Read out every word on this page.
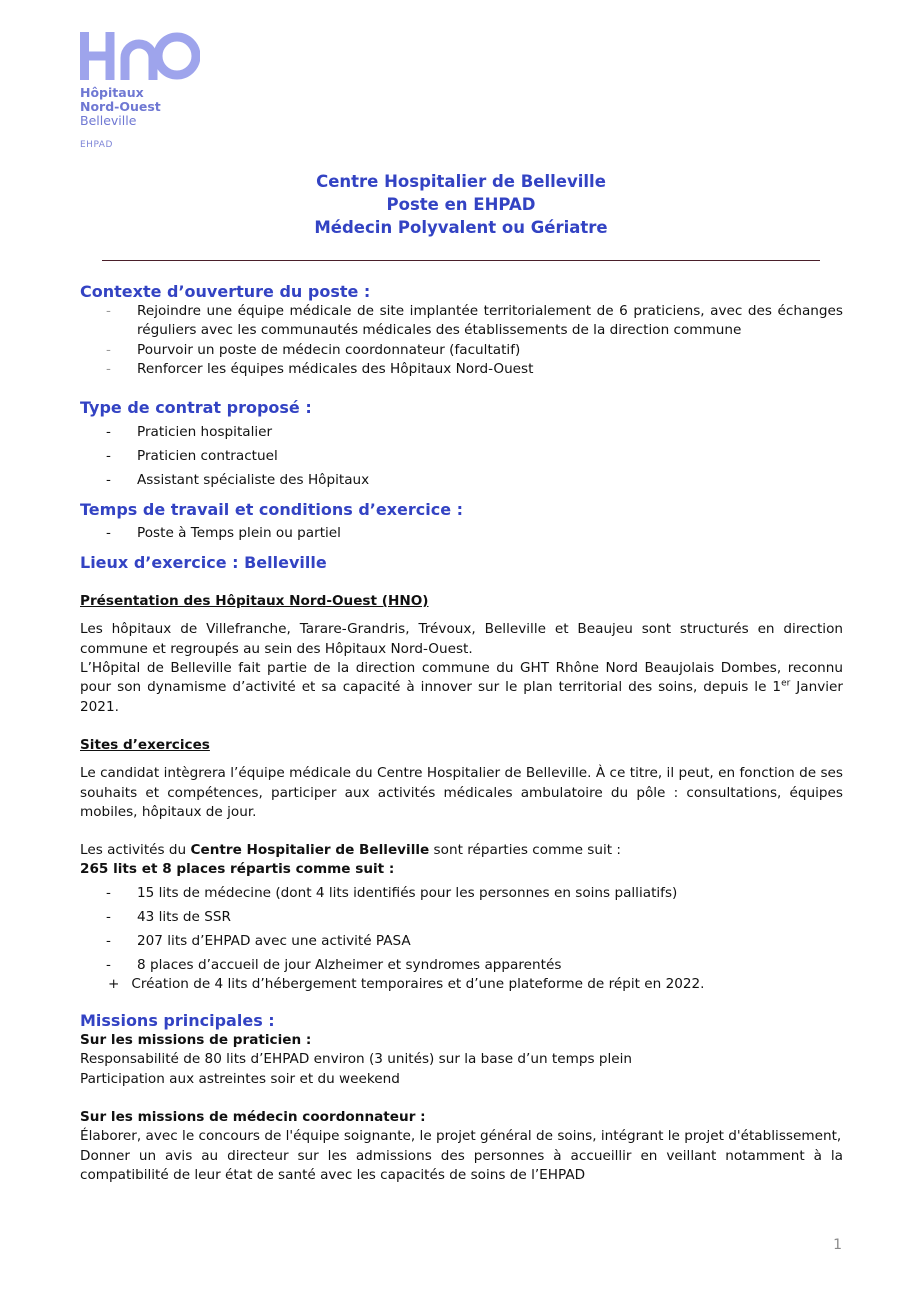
Hôpitaux
Nord-Ouest
Belleville
EHPAD
Centre Hospitalier de Belleville
Poste en EHPAD
Médecin Polyvalent ou Gériatre
Contexte d’ouverture du poste :
- Rejoindre une équipe médicale de site implantée territorialement de 6 praticiens, avec des échanges réguliers avec les communautés médicales des établissements de la direction commune
- Pourvoir un poste de médecin coordonnateur (facultatif)
- Renforcer les équipes médicales des Hôpitaux Nord-Ouest
Type de contrat proposé :
- Praticien hospitalier
- Praticien contractuel
- Assistant spécialiste des Hôpitaux
Temps de travail et conditions d’exercice :
- Poste à Temps plein ou partiel
Lieux d’exercice : Belleville

Présentation des Hôpitaux Nord-Ouest (HNO)

Les hôpitaux de Villefranche, Tarare-Grandris, Trévoux, Belleville et Beaujeu sont structurés en direction commune et regroupés au sein des Hôpitaux Nord-Ouest.

L’Hôpital de Belleville fait partie de la direction commune du GHT Rhône Nord Beaujolais Dombes, reconnu pour son dynamisme d’activité et sa capacité à innover sur le plan territorial des soins, depuis le 1er Janvier 2021.

Sites d’exercices

Le candidat intègrera l’équipe médicale du Centre Hospitalier de Belleville. À ce titre, il peut, en fonction de ses souhaits et compétences, participer aux activités médicales ambulatoire du pôle : consultations, équipes mobiles, hôpitaux de jour.

Les activités du Centre Hospitalier de Belleville sont réparties comme suit :

265 lits et 8 places répartis comme suit :

- 15 lits de médecine (dont 4 lits identifiés pour les personnes en soins palliatifs)
- 43 lits de SSR
- 207 lits d’EHPAD avec une activité PASA
- 8 places d’accueil de jour Alzheimer et syndromes apparentés
+ Création de 4 lits d’hébergement temporaires et d’une plateforme de répit en 2022.
Missions principales :

Sur les missions de praticien :

Responsabilité de 80 lits d’EHPAD environ (3 unités) sur la base d’un temps plein

Participation aux astreintes soir et du weekend

Sur les missions de médecin coordonnateur :

Élaborer, avec le concours de l'équipe soignante, le projet général de soins, intégrant le projet d'établissement,

Donner un avis au directeur sur les admissions des personnes à accueillir en veillant notamment à la compatibilité de leur état de santé avec les capacités de soins de l’EHPAD

1
